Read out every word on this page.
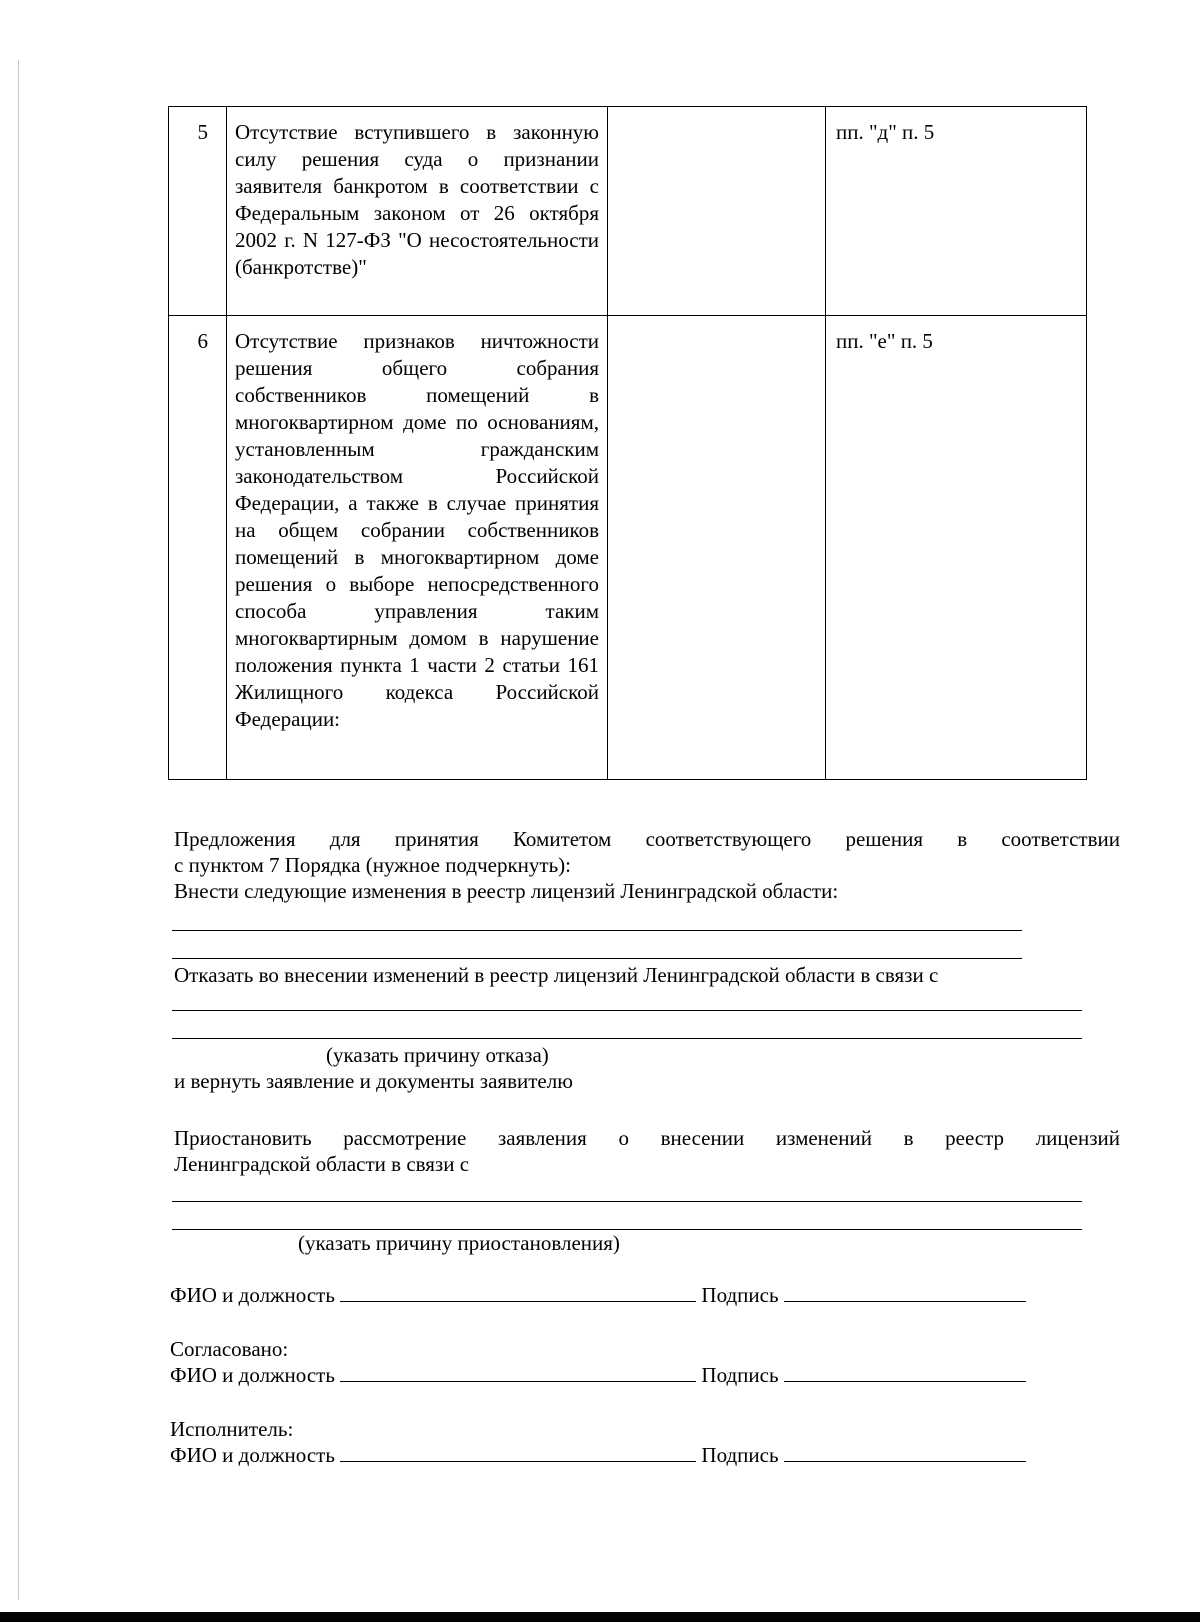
5	Отсутствие вступившего в законную силу решения суда о признании заявителя банкротом в соответствии с Федеральным законом от 26 октября 2002 г. N 127-ФЗ "О несостоятельности (банкротстве)"		пп. "д" п. 5
6	Отсутствие признаков ничтожности решения общего собрания собственников помещений в многоквартирном доме по основаниям, установленным гражданским законодательством Российской Федерации, а также в случае принятия на общем собрании собственников помещений в многоквартирном доме решения о выборе непосредственного способа управления таким многоквартирным домом в нарушение положения пункта 1 части 2 статьи 161 Жилищного кодекса Российской Федерации:		пп. "е" п. 5
Предложения для принятия Комитетом соответствующего решения в соответствии
с пунктом 7 Порядка (нужное подчеркнуть):
Внести следующие изменения в реестр лицензий Ленинградской области:
Отказать во внесении изменений в реестр лицензий Ленинградской области в связи с
(указать причину отказа)
и вернуть заявление и документы заявителю
Приостановить рассмотрение заявления о внесении изменений в реестр лицензий
Ленинградской области в связи с
(указать причину приостановления)
ФИО и должность	Подпись
Согласовано:
ФИО и должность	Подпись
Исполнитель:
ФИО и должность	Подпись
